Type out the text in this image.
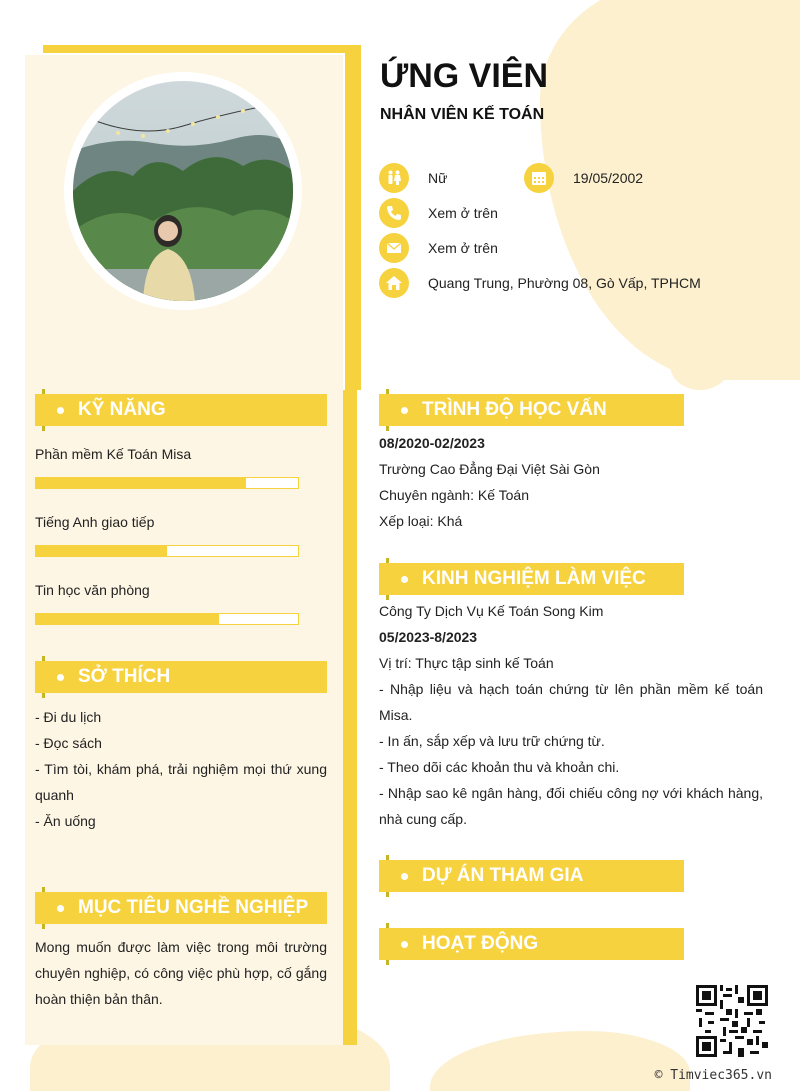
ỨNG VIÊN
NHÂN VIÊN KẾ TOÁN
Nữ	19/05/2002
Xem ở trên
Xem ở trên
Quang Trung, Phường 08, Gò Vấp, TPHCM
KỸ NĂNG
Phần mềm Kế Toán Misa
Tiếng Anh giao tiếp
Tin học văn phòng
SỞ THÍCH
- Đi du lịch
- Đọc sách
- Tìm tòi, khám phá, trải nghiệm mọi thứ xung quanh
- Ăn uống
MỤC TIÊU NGHỀ NGHIỆP
Mong muốn được làm việc trong môi trường chuyên nghiệp, có công việc phù hợp, cố gắng hoàn thiện bản thân.
TRÌNH ĐỘ HỌC VẤN
08/2020-02/2023
Trường Cao Đẳng Đại Việt Sài Gòn
Chuyên ngành: Kế Toán
Xếp loại: Khá
KINH NGHIỆM LÀM VIỆC
Công Ty Dịch Vụ Kế Toán Song Kim
05/2023-8/2023
Vị trí: Thực tập sinh kế Toán
- Nhập liệu và hạch toán chứng từ lên phần mềm kế toán Misa.
- In ấn, sắp xếp và lưu trữ chứng từ.
- Theo dõi các khoản thu và khoản chi.
- Nhập sao kê ngân hàng, đối chiếu công nợ với khách hàng, nhà cung cấp.
DỰ ÁN THAM GIA
HOẠT ĐỘNG
© Timviec365.vn
